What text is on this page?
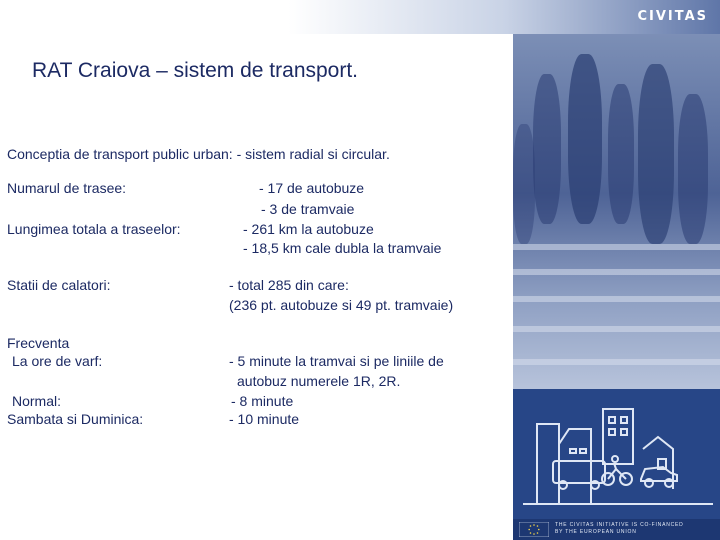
CIVITAS
THE CIVITAS INITIATIVE IS CO-FINANCED
BY THE EUROPEAN UNION
RAT Craiova – sistem de transport.
Conceptia de transport public urban: - sistem radial si circular.
Numarul de trasee:	- 17 de autobuze
- 3 de tramvaie
Lungimea totala a traseelor:	- 261 km la autobuze
- 18,5 km cale dubla la tramvaie
Statii de calatori:	- total 285 din care:
(236 pt. autobuze si 49 pt. tramvaie)
Frecventa
La ore de varf:	- 5 minute la tramvai si pe liniile de
autobuz numerele 1R, 2R.
Normal:	- 8 minute
Sambata si Duminica:	- 10 minute
